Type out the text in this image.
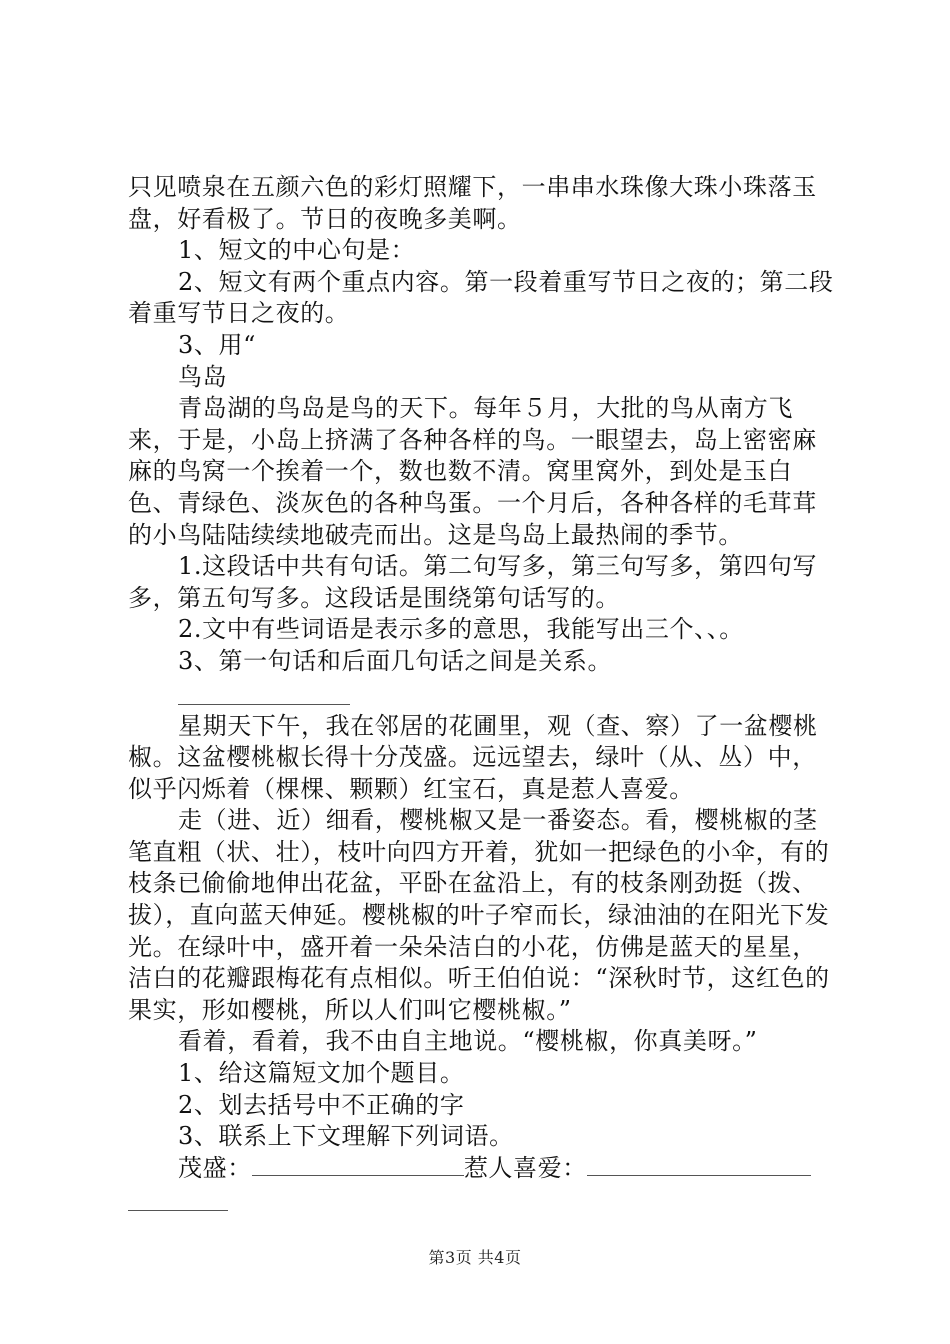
只见喷泉在五颜六色的彩灯照耀下，一串串水珠像大珠小珠落玉盘，好看极了。节日的夜晚多美啊。

1、短文的中心句是：

2、短文有两个重点内容。第一段着重写节日之夜的；第二段着重写节日之夜的。

3、用“

鸟岛

青岛湖的鸟岛是鸟的天下。每年５月，大批的鸟从南方飞来，于是，小岛上挤满了各种各样的鸟。一眼望去，岛上密密麻麻的鸟窝一个挨着一个，数也数不清。窝里窝外，到处是玉白色、青绿色、淡灰色的各种鸟蛋。一个月后，各种各样的毛茸茸的小鸟陆陆续续地破壳而出。这是鸟岛上最热闹的季节。

1.这段话中共有句话。第二句写多，第三句写多，第四句写多，第五句写多。这段话是围绕第句话写的。

2.文中有些词语是表示多的意思，我能写出三个、、。

3、第一句话和后面几句话之间是关系。

星期天下午，我在邻居的花圃里，观（查、察）了一盆樱桃椒。这盆樱桃椒长得十分茂盛。远远望去，绿叶（从、丛）中，似乎闪烁着（棵棵、颗颗）红宝石，真是惹人喜爱。

走（进、近）细看，樱桃椒又是一番姿态。看，樱桃椒的茎笔直粗（状、壮），枝叶向四方开着，犹如一把绿色的小伞，有的枝条已偷偷地伸出花盆，平卧在盆沿上，有的枝条刚劲挺（拨、拔），直向蓝天伸延。樱桃椒的叶子窄而长，绿油油的在阳光下发光。在绿叶中，盛开着一朵朵洁白的小花，仿佛是蓝天的星星，洁白的花瓣跟梅花有点相似。听王伯伯说：“深秋时节，这红色的果实，形如樱桃，所以人们叫它樱桃椒。”

看着，看着，我不由自主地说。“樱桃椒，你真美呀。”

1、给这篇短文加个题目。

2、划去括号中不正确的字

3、联系上下文理解下列词语。

茂盛：	惹人喜爱：

第3页 共4页
